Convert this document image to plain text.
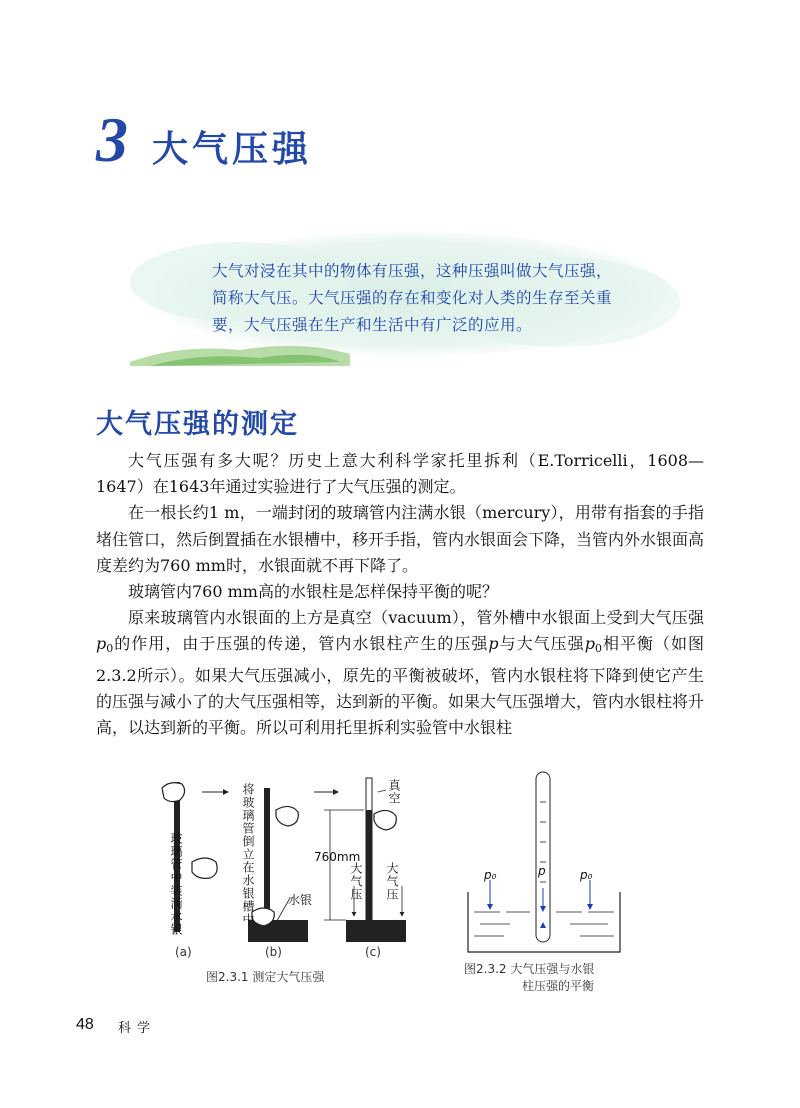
3 大气压强
大气对浸在其中的物体有压强，这种压强叫做大气压强，
简称大气压。大气压强的存在和变化对人类的生存至关重
要，大气压强在生产和生活中有广泛的应用。
大气压强的测定

大气压强有多大呢？历史上意大利科学家托里拆利（E.Torricelli，1608—1647）在1643年通过实验进行了大气压强的测定。

在一根长约1 m，一端封闭的玻璃管内注满水银（mercury），用带有指套的手指堵住管口，然后倒置插在水银槽中，移开手指，管内水银面会下降，当管内外水银面高度差约为760 mm时，水银面就不再下降了。

玻璃管内760 mm高的水银柱是怎样保持平衡的呢？

原来玻璃管内水银面的上方是真空（vacuum），管外槽中水银面上受到大气压强$p_0$的作用，由于压强的传递，管内水银柱产生的压强p与大气压强$p_0$相平衡（如图2.3.2所示）。如果大气压强减小，原先的平衡被破坏，管内水银柱将下降到使它产生的压强与减小了的大气压强相等，达到新的平衡。如果大气压强增大，管内水银柱将升高，以达到新的平衡。所以可利用托里拆利实验管中水银柱

玻璃管中装满水银	将玻璃管倒立在水银槽中	水银
真空
760mm
大气压 大气压
(a)	(b)	(c)
图2.3.1 测定大气压强
p₀	p₀
p
图2.3.2 大气压强与水银
柱压强的平衡
48 科学
